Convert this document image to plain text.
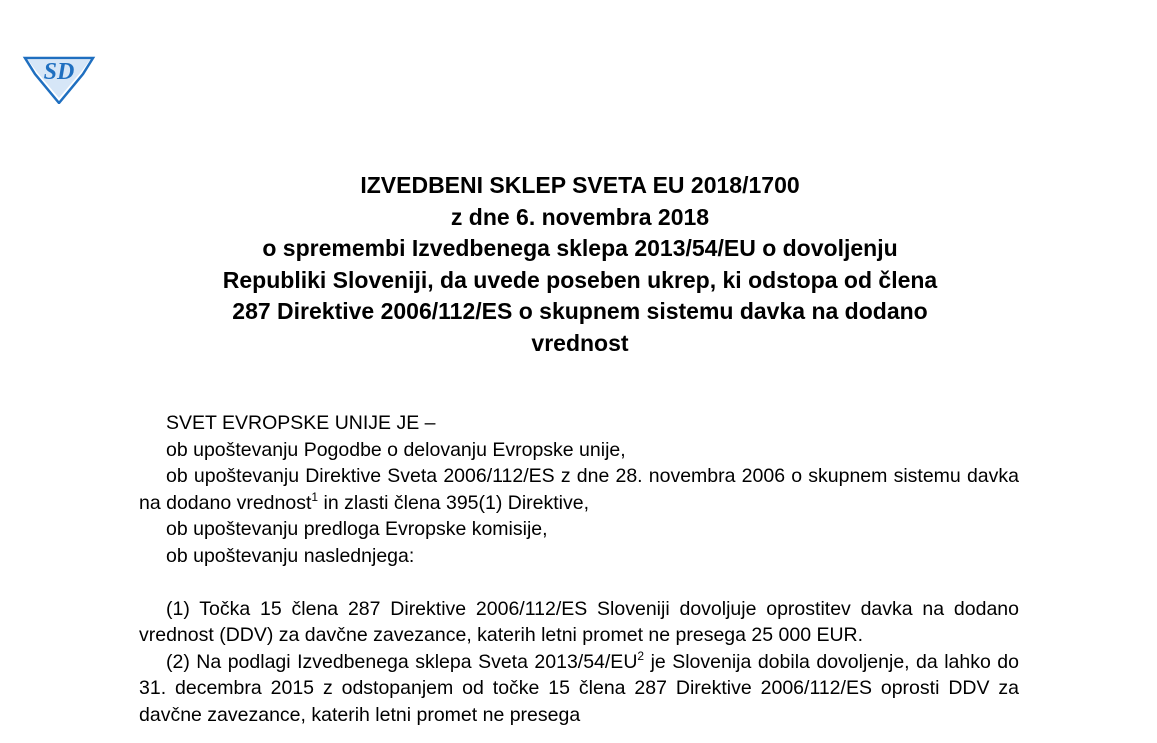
SD
IZVEDBENI SKLEP SVETA EU 2018/1700
z dne 6. novembra 2018
o spremembi Izvedbenega sklepa 2013/54/EU o dovoljenju
Republiki Sloveniji, da uvede poseben ukrep, ki odstopa od člena
287 Direktive 2006/112/ES o skupnem sistemu davka na dodano
vrednost
SVET EVROPSKE UNIJE JE –
ob upoštevanju Pogodbe o delovanju Evropske unije,
ob upoštevanju Direktive Sveta 2006/112/ES z dne 28. novembra 2006 o skupnem sistemu davka na dodano vrednost$^1$ in zlasti člena 395(1) Direktive,
ob upoštevanju predloga Evropske komisije,
ob upoštevanju naslednjega:
(1) Točka 15 člena 287 Direktive 2006/112/ES Sloveniji dovoljuje oprostitev davka na dodano vrednost (DDV) za davčne zavezance, katerih letni promet ne presega 25 000 EUR.
(2) Na podlagi Izvedbenega sklepa Sveta $2013/54/EU^2$ je Slovenija dobila dovoljenje, da lahko do 31. decembra 2015 z odstopanjem od točke 15 člena 287 Direktive 2006/112/ES oprosti DDV za davčne zavezance, katerih letni promet ne presega
